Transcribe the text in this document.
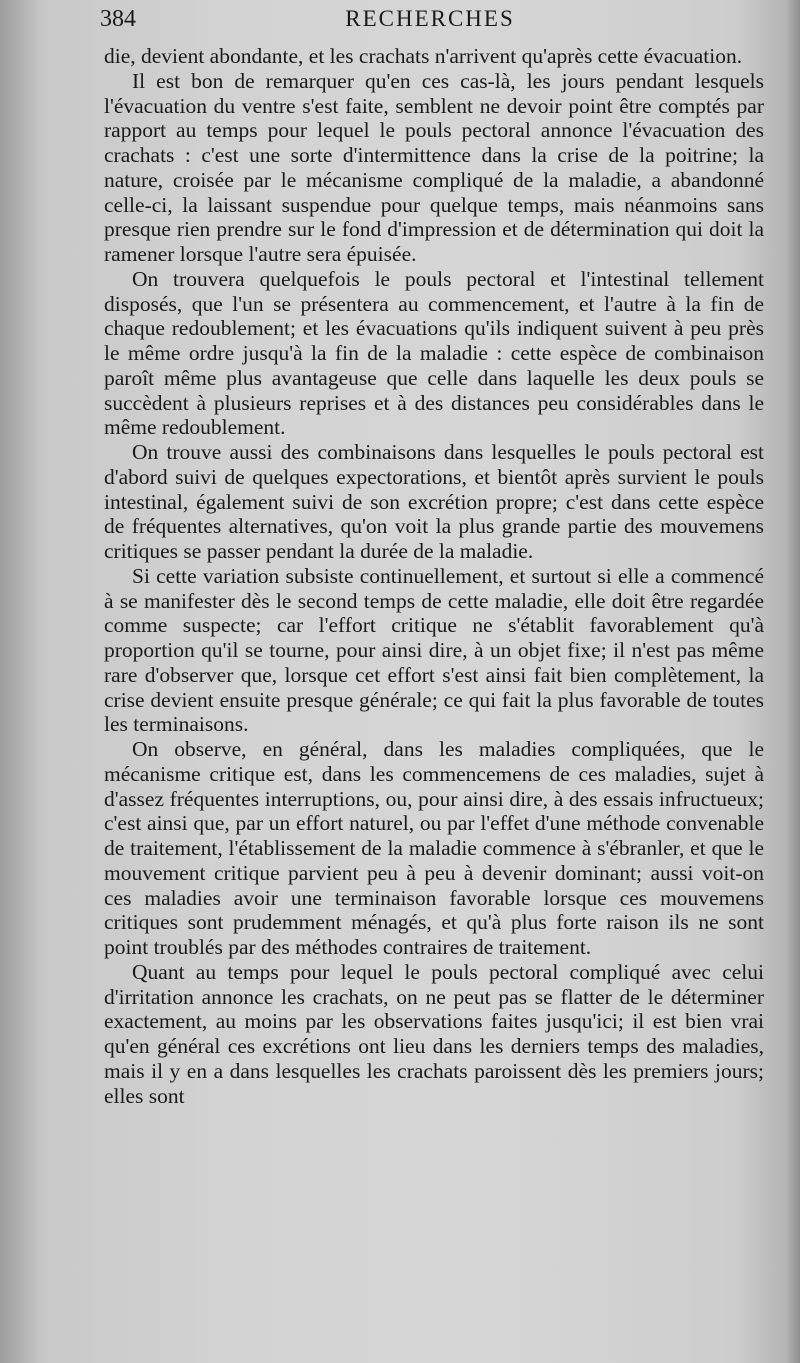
384	RECHERCHES

die, devient abondante, et les crachats n'arrivent qu'après cette évacuation.

Il est bon de remarquer qu'en ces cas-là, les jours pendant lesquels l'évacuation du ventre s'est faite, semblent ne devoir point être comptés par rapport au temps pour lequel le pouls pectoral annonce l'évacuation des crachats : c'est une sorte d'intermittence dans la crise de la poitrine; la nature, croisée par le mécanisme compliqué de la maladie, a abandonné celle-ci, la laissant suspendue pour quelque temps, mais néanmoins sans presque rien prendre sur le fond d'impression et de détermination qui doit la ramener lorsque l'autre sera épuisée.

On trouvera quelquefois le pouls pectoral et l'intestinal tellement disposés, que l'un se présentera au commencement, et l'autre à la fin de chaque redoublement; et les évacuations qu'ils indiquent suivent à peu près le même ordre jusqu'à la fin de la maladie : cette espèce de combinaison paroît même plus avantageuse que celle dans laquelle les deux pouls se succèdent à plusieurs reprises et à des distances peu considérables dans le même redoublement.

On trouve aussi des combinaisons dans lesquelles le pouls pectoral est d'abord suivi de quelques expectorations, et bientôt après survient le pouls intestinal, également suivi de son excrétion propre; c'est dans cette espèce de fréquentes alternatives, qu'on voit la plus grande partie des mouvemens critiques se passer pendant la durée de la maladie.

Si cette variation subsiste continuellement, et surtout si elle a commencé à se manifester dès le second temps de cette maladie, elle doit être regardée comme suspecte; car l'effort critique ne s'établit favorablement qu'à proportion qu'il se tourne, pour ainsi dire, à un objet fixe; il n'est pas même rare d'observer que, lorsque cet effort s'est ainsi fait bien complètement, la crise devient ensuite presque générale; ce qui fait la plus favorable de toutes les terminaisons.

On observe, en général, dans les maladies compliquées, que le mécanisme critique est, dans les commencemens de ces maladies, sujet à d'assez fréquentes interruptions, ou, pour ainsi dire, à des essais infructueux; c'est ainsi que, par un effort naturel, ou par l'effet d'une méthode convenable de traitement, l'établissement de la maladie commence à s'ébranler, et que le mouvement critique parvient peu à peu à devenir dominant; aussi voit-on ces maladies avoir une terminaison favorable lorsque ces mouvemens critiques sont prudemment ménagés, et qu'à plus forte raison ils ne sont point troublés par des méthodes contraires de traitement.

Quant au temps pour lequel le pouls pectoral compliqué avec celui d'irritation annonce les crachats, on ne peut pas se flatter de le déterminer exactement, au moins par les observations faites jusqu'ici; il est bien vrai qu'en général ces excrétions ont lieu dans les derniers temps des maladies, mais il y en a dans lesquelles les crachats paroissent dès les premiers jours; elles sont
